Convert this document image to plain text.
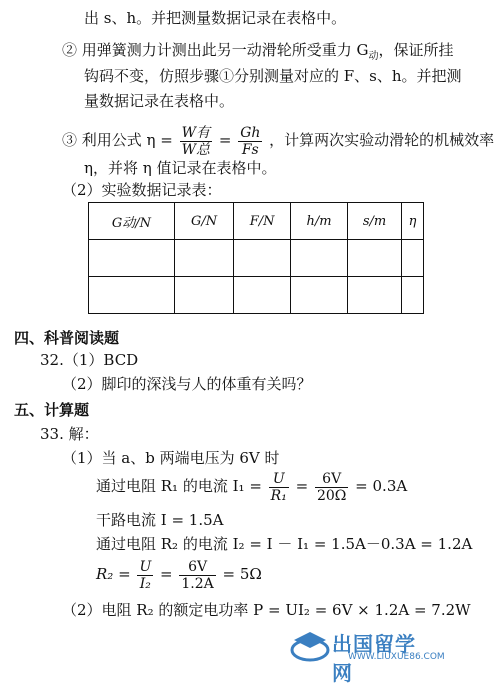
出 s、h。并把测量数据记录在表格中。
② 用弹簧测力计测出此另一动滑轮所受重力 $G_动$，保证所挂
钩码不变，仿照步骤①分别测量对应的 F、s、h。并把测
量数据记录在表格中。
③ 利用公式 $\eta = \frac{\text{W有}}{\text{W总}} = \frac{Gh}{Fs}$ ，计算两次实验动滑轮的机械效率
η，并将 η 值记录在表格中。
（2）实验数据记录表：
G动/N	G/N	F/N	h/m	s/m	η

四、科普阅读题
32.（1）BCD
（2）脚印的深浅与人的体重有关吗？
五、计算题
33. 解：
（1）当 a、b 两端电压为 6V 时
通过电阻 R₁ 的电流 $I_1 = \frac{U}{\text{R₁}} = \frac{6V}{20\Omega} = 0.3A$
干路电流 I = 1.5A
通过电阻 R₂ 的电流 I₂ = I － I₁ = 1.5A－0.3A = 1.2A
$R_2 = \frac{U}{\text{I₂}} = \frac{6V}{1.2A} = 5\Omega$
（2）电阻 R₂ 的额定电功率 P = UI₂ = 6V × 1.2A = 7.2W
出国留学网
WWW.LIUXUE86.COM
